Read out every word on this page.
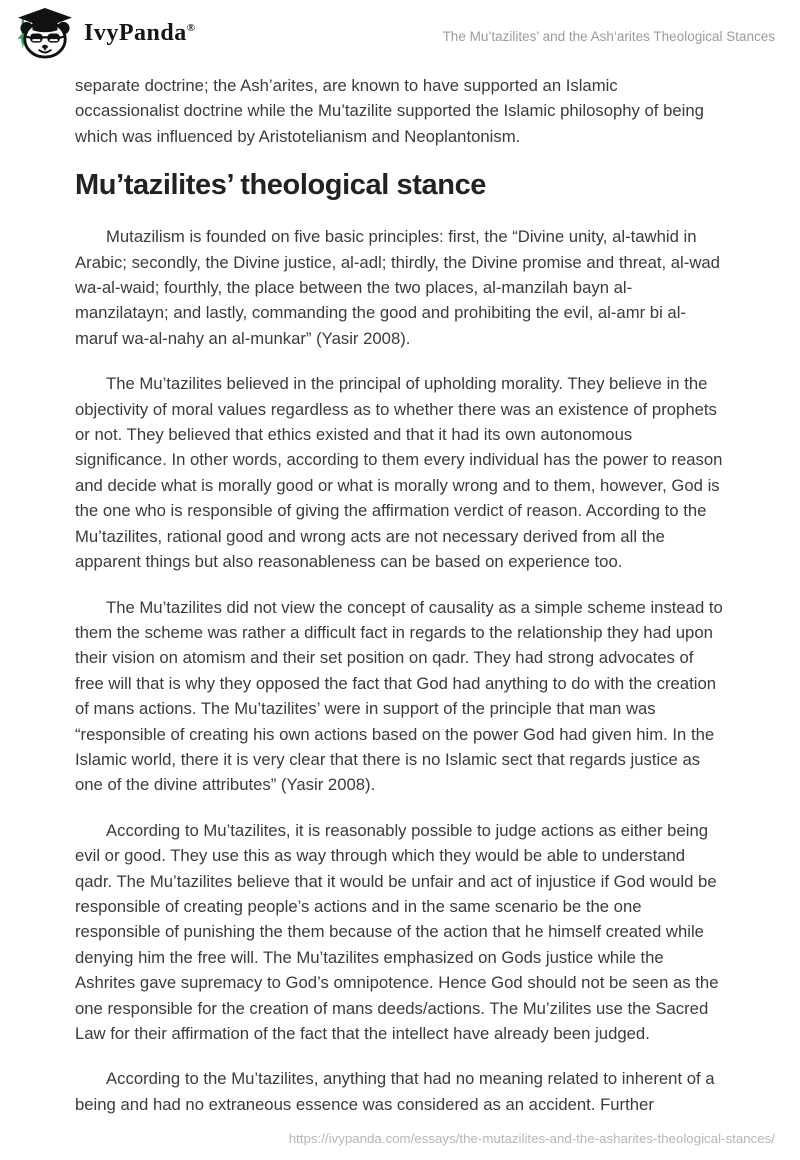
IvyPanda®
The Mu’tazilites’ and the Ash‘arites Theological Stances

separate doctrine; the Ash’arites, are known to have supported an Islamic occassionalist doctrine while the Mu’tazilite supported the Islamic philosophy of being which was influenced by Aristotelianism and Neoplantonism.

Mu’tazilites’ theological stance

Mutazilism is founded on five basic principles: first, the “Divine unity, al-tawhid in Arabic; secondly, the Divine justice, al-adl; thirdly, the Divine promise and threat, al-wad wa-al-waid; fourthly, the place between the two places, al-manzilah bayn al-manzilatayn; and lastly, commanding the good and prohibiting the evil, al-amr bi al-maruf wa-al-nahy an al-munkar” (Yasir 2008).

The Mu’tazilites believed in the principal of upholding morality. They believe in the objectivity of moral values regardless as to whether there was an existence of prophets or not. They believed that ethics existed and that it had its own autonomous significance. In other words, according to them every individual has the power to reason and decide what is morally good or what is morally wrong and to them, however, God is the one who is responsible of giving the affirmation verdict of reason. According to the Mu’tazilites, rational good and wrong acts are not necessary derived from all the apparent things but also reasonableness can be based on experience too.

The Mu’tazilites did not view the concept of causality as a simple scheme instead to them the scheme was rather a difficult fact in regards to the relationship they had upon their vision on atomism and their set position on qadr. They had strong advocates of free will that is why they opposed the fact that God had anything to do with the creation of mans actions. The Mu’tazilites’ were in support of the principle that man was “responsible of creating his own actions based on the power God had given him. In the Islamic world, there it is very clear that there is no Islamic sect that regards justice as one of the divine attributes” (Yasir 2008).

According to Mu’tazilites, it is reasonably possible to judge actions as either being evil or good. They use this as way through which they would be able to understand qadr. The Mu’tazilites believe that it would be unfair and act of injustice if God would be responsible of creating people’s actions and in the same scenario be the one responsible of punishing the them because of the action that he himself created while denying him the free will. The Mu’tazilites emphasized on Gods justice while the Ashrites gave supremacy to God’s omnipotence. Hence God should not be seen as the one responsible for the creation of mans deeds/actions. The Mu’zilites use the Sacred Law for their affirmation of the fact that the intellect have already been judged.

According to the Mu’tazilites, anything that had no meaning related to inherent of a being and had no extraneous essence was considered as an accident. Further

https://ivypanda.com/essays/the-mutazilites-and-the-asharites-theological-stances/
